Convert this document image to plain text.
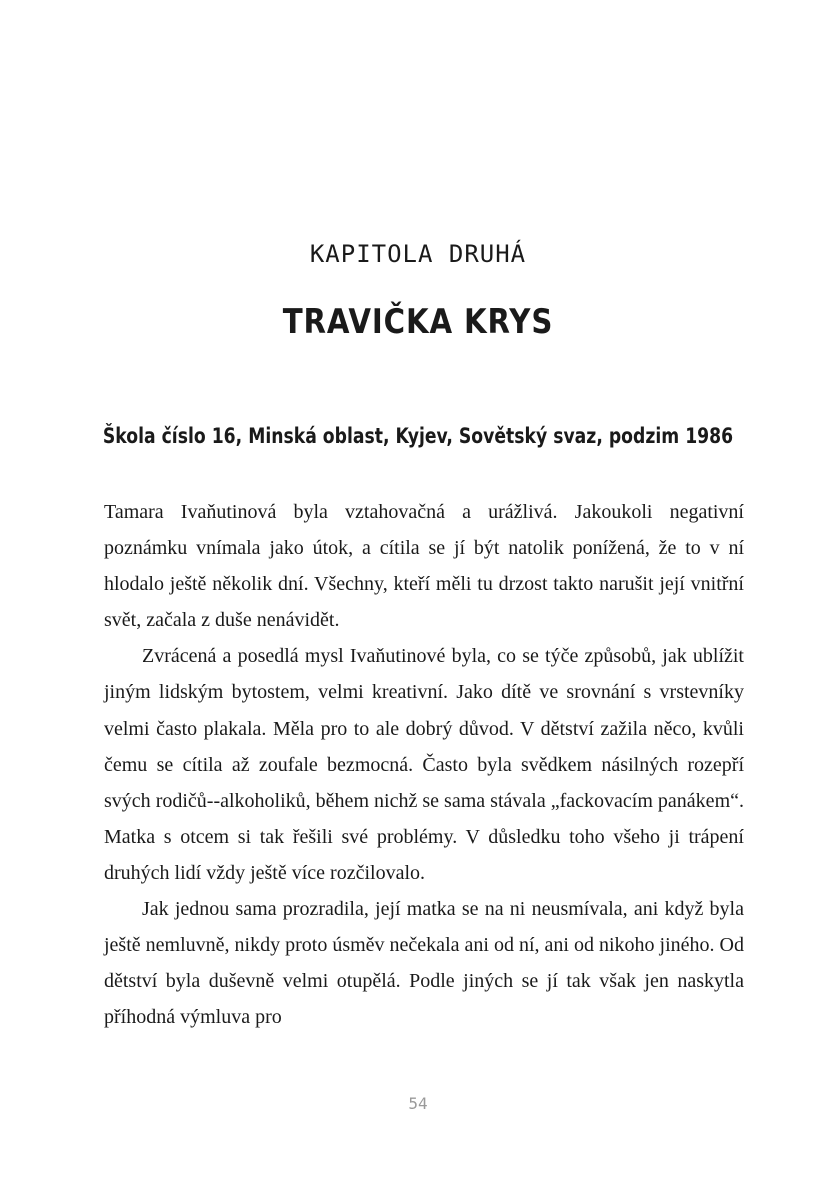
KAPITOLA DRUHÁ
TRAVIČKA KRYS
Škola číslo 16, Minská oblast, Kyjev, Sovětský svaz, podzim 1986

Tamara Ivaňutinová byla vztahovačná a urážlivá. Jakoukoli negativní poznámku vnímala jako útok, a cítila se jí být natolik ponížená, že to v ní hlodalo ještě několik dní. Všechny, kteří měli tu drzost takto narušit její vnitřní svět, začala z duše nenávidět.

Zvrácená a posedlá mysl Ivaňutinové byla, co se týče způsobů, jak ublížit jiným lidským bytostem, velmi kreativní. Jako dítě ve srovnání s vrstevníky velmi často plakala. Měla pro to ale dobrý důvod. V dětství zažila něco, kvůli čemu se cítila až zoufale bezmocná. Často byla svědkem násilných rozepří svých rodičů--alkoholiků, během nichž se sama stávala „fackovacím panákem“. Matka s otcem si tak řešili své problémy. V důsledku toho všeho ji trápení druhých lidí vždy ještě více rozčilovalo.

Jak jednou sama prozradila, její matka se na ni neusmívala, ani když byla ještě nemluvně, nikdy proto úsměv nečekala ani od ní, ani od nikoho jiného. Od dětství byla duševně velmi otupělá. Podle jiných se jí tak však jen naskytla příhodná výmluva pro

54
